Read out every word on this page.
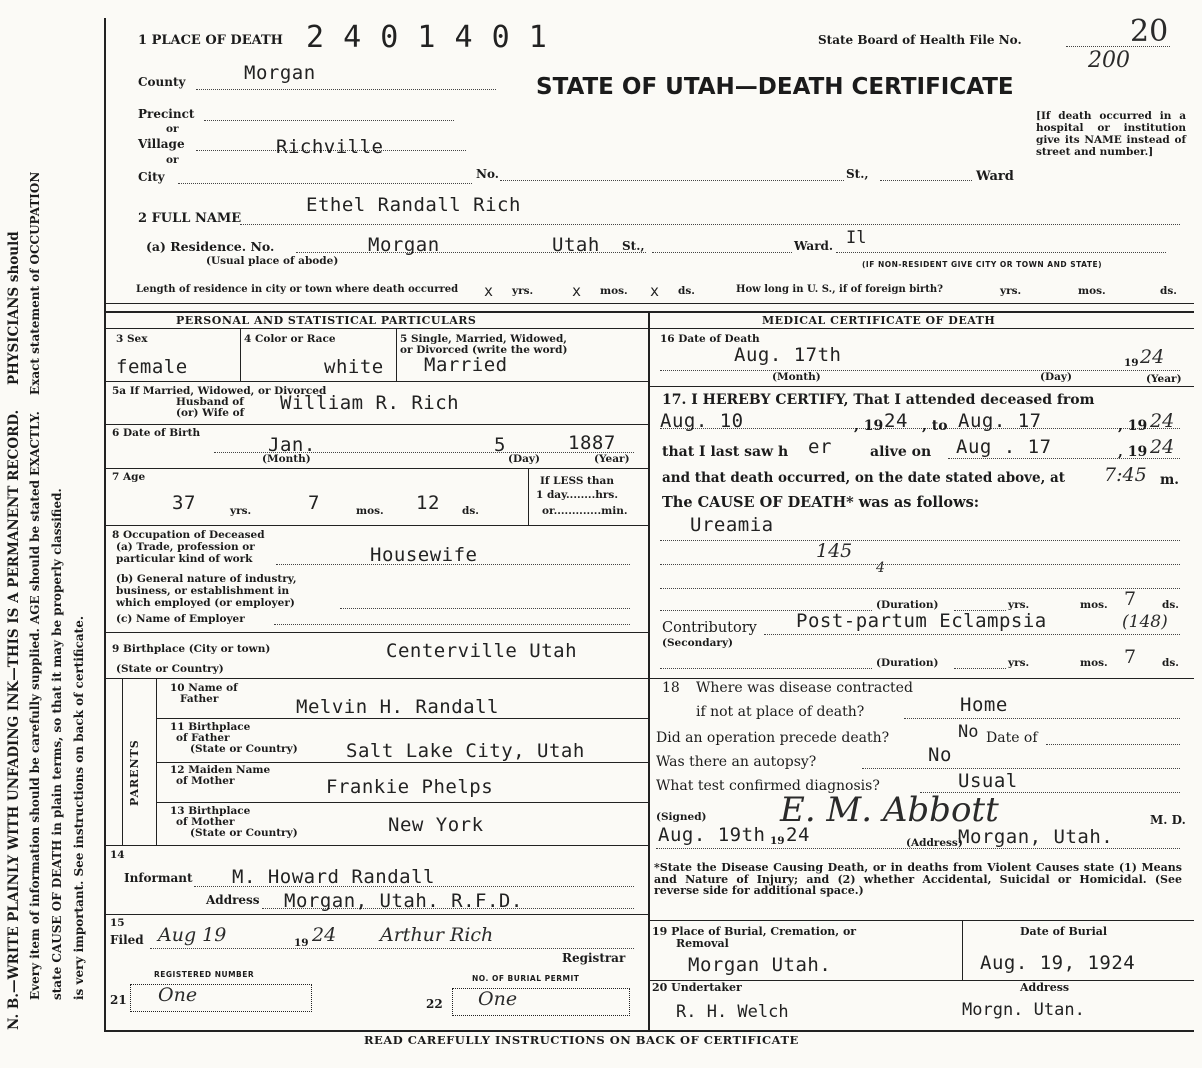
N. B.—WRITE PLAINLY WITH UNFADING INK—THIS IS A PERMANENT RECORD. PHYSICIANS should
Every item of information should be carefully supplied. AGE should be stated EXACTLY. Exact statement of OCCUPATION
state CAUSE OF DEATH in plain terms, so that it may be properly classified. is very important. See instructions on back of certificate.
1 PLACE OF DEATH 2 4 0 1 4 0 1	State Board of Health File No.	20
200
STATE OF UTAH—DEATH CERTIFICATE
[If death occurred in a hospital or institution give its NAME instead of street and number.]
County	Morgan
Precinct
or
Village	Richville
or
City	No.	St.,	Ward
2 FULL NAME
Ethel Randall Rich
(a) Residence. No.	Morgan	Utah St.,	Ward. Il
(Usual place of abode)	(IF NON-RESIDENT GIVE CITY OR TOWN AND STATE)
Length of residence in city or town where death occurred x yrs.	x mos. x ds.	How long in U. S., if of foreign birth?	yrs.	mos.	ds.
PERSONAL AND STATISTICAL PARTICULARS
3 Sex
female
4 Color or Race
white
5 Single, Married, Widowed,
or Divorced (write the word)
Married
5a If Married, Widowed, or Divorced
Husband of
(or) Wife of William R. Rich
6 Date of Birth
Jan.	5	1887
(Month)	(Day)	(Year)
7 Age
37	yrs.	7	mos. 12 ds.
If LESS than
1 day........hrs.
or.............min.
8 Occupation of Deceased
(a) Trade, profession or
particular kind of work	Housewife
(b) General nature of industry,
business, or establishment in
which employed (or employer)
(c) Name of Employer
9 Birthplace (City or town)	Centerville Utah
(State or Country)
PARENTS
10 Name of
Father	Melvin H. Randall
11 Birthplace
of Father
(State or Country)	Salt Lake City, Utah
12 Maiden Name
of Mother	Frankie Phelps
13 Birthplace
of Mother
(State or Country)	New York
14
Informant M. Howard Randall
Address Morgan, Utah. R.F.D.
15
Filed Aug 19	19 24 Arthur Rich
Registrar
REGISTERED NUMBER	NO. OF BURIAL PERMIT
21 One	22 One
MEDICAL CERTIFICATE OF DEATH
16 Date of Death
Aug. 17th	19 24
(Month)	(Day)	(Year)
17. I HEREBY CERTIFY, That I attended deceased from
Aug. 10	, 19 24 , to Aug. 17	, 19 24
that I last saw h er	alive on Aug . 17	, 19 24
and that death occurred, on the date stated above, at 7:45 m.
The CAUSE OF DEATH* was as follows:
Ureamia
145
4
(Duration)	yrs.	mos. 7 ds.
Contributory
(Secondary)
Post-partum Eclampsia	(148)
(Duration)	yrs.	mos. 7 ds.
18 Where was disease contracted
if not at place of death?	Home
Did an operation precede death?	No Date of
Was there an autopsy?	No
What test confirmed diagnosis?	Usual
(Signed) E. M. Abbott	M. D.
Aug. 19th 19 24	(Address)
Morgan, Utah.
*State the Disease Causing Death, or in deaths from Violent Causes state (1) Means and Nature of Injury; and (2) whether Accidental, Suicidal or Homicidal. (See reverse side for additional space.)
19 Place of Burial, Cremation, or
Removal
Morgan Utah.
Date of Burial
Aug. 19, 1924
20 Undertaker
R. H. Welch
Address
Morgn. Utan.
READ CAREFULLY INSTRUCTIONS ON BACK OF CERTIFICATE
